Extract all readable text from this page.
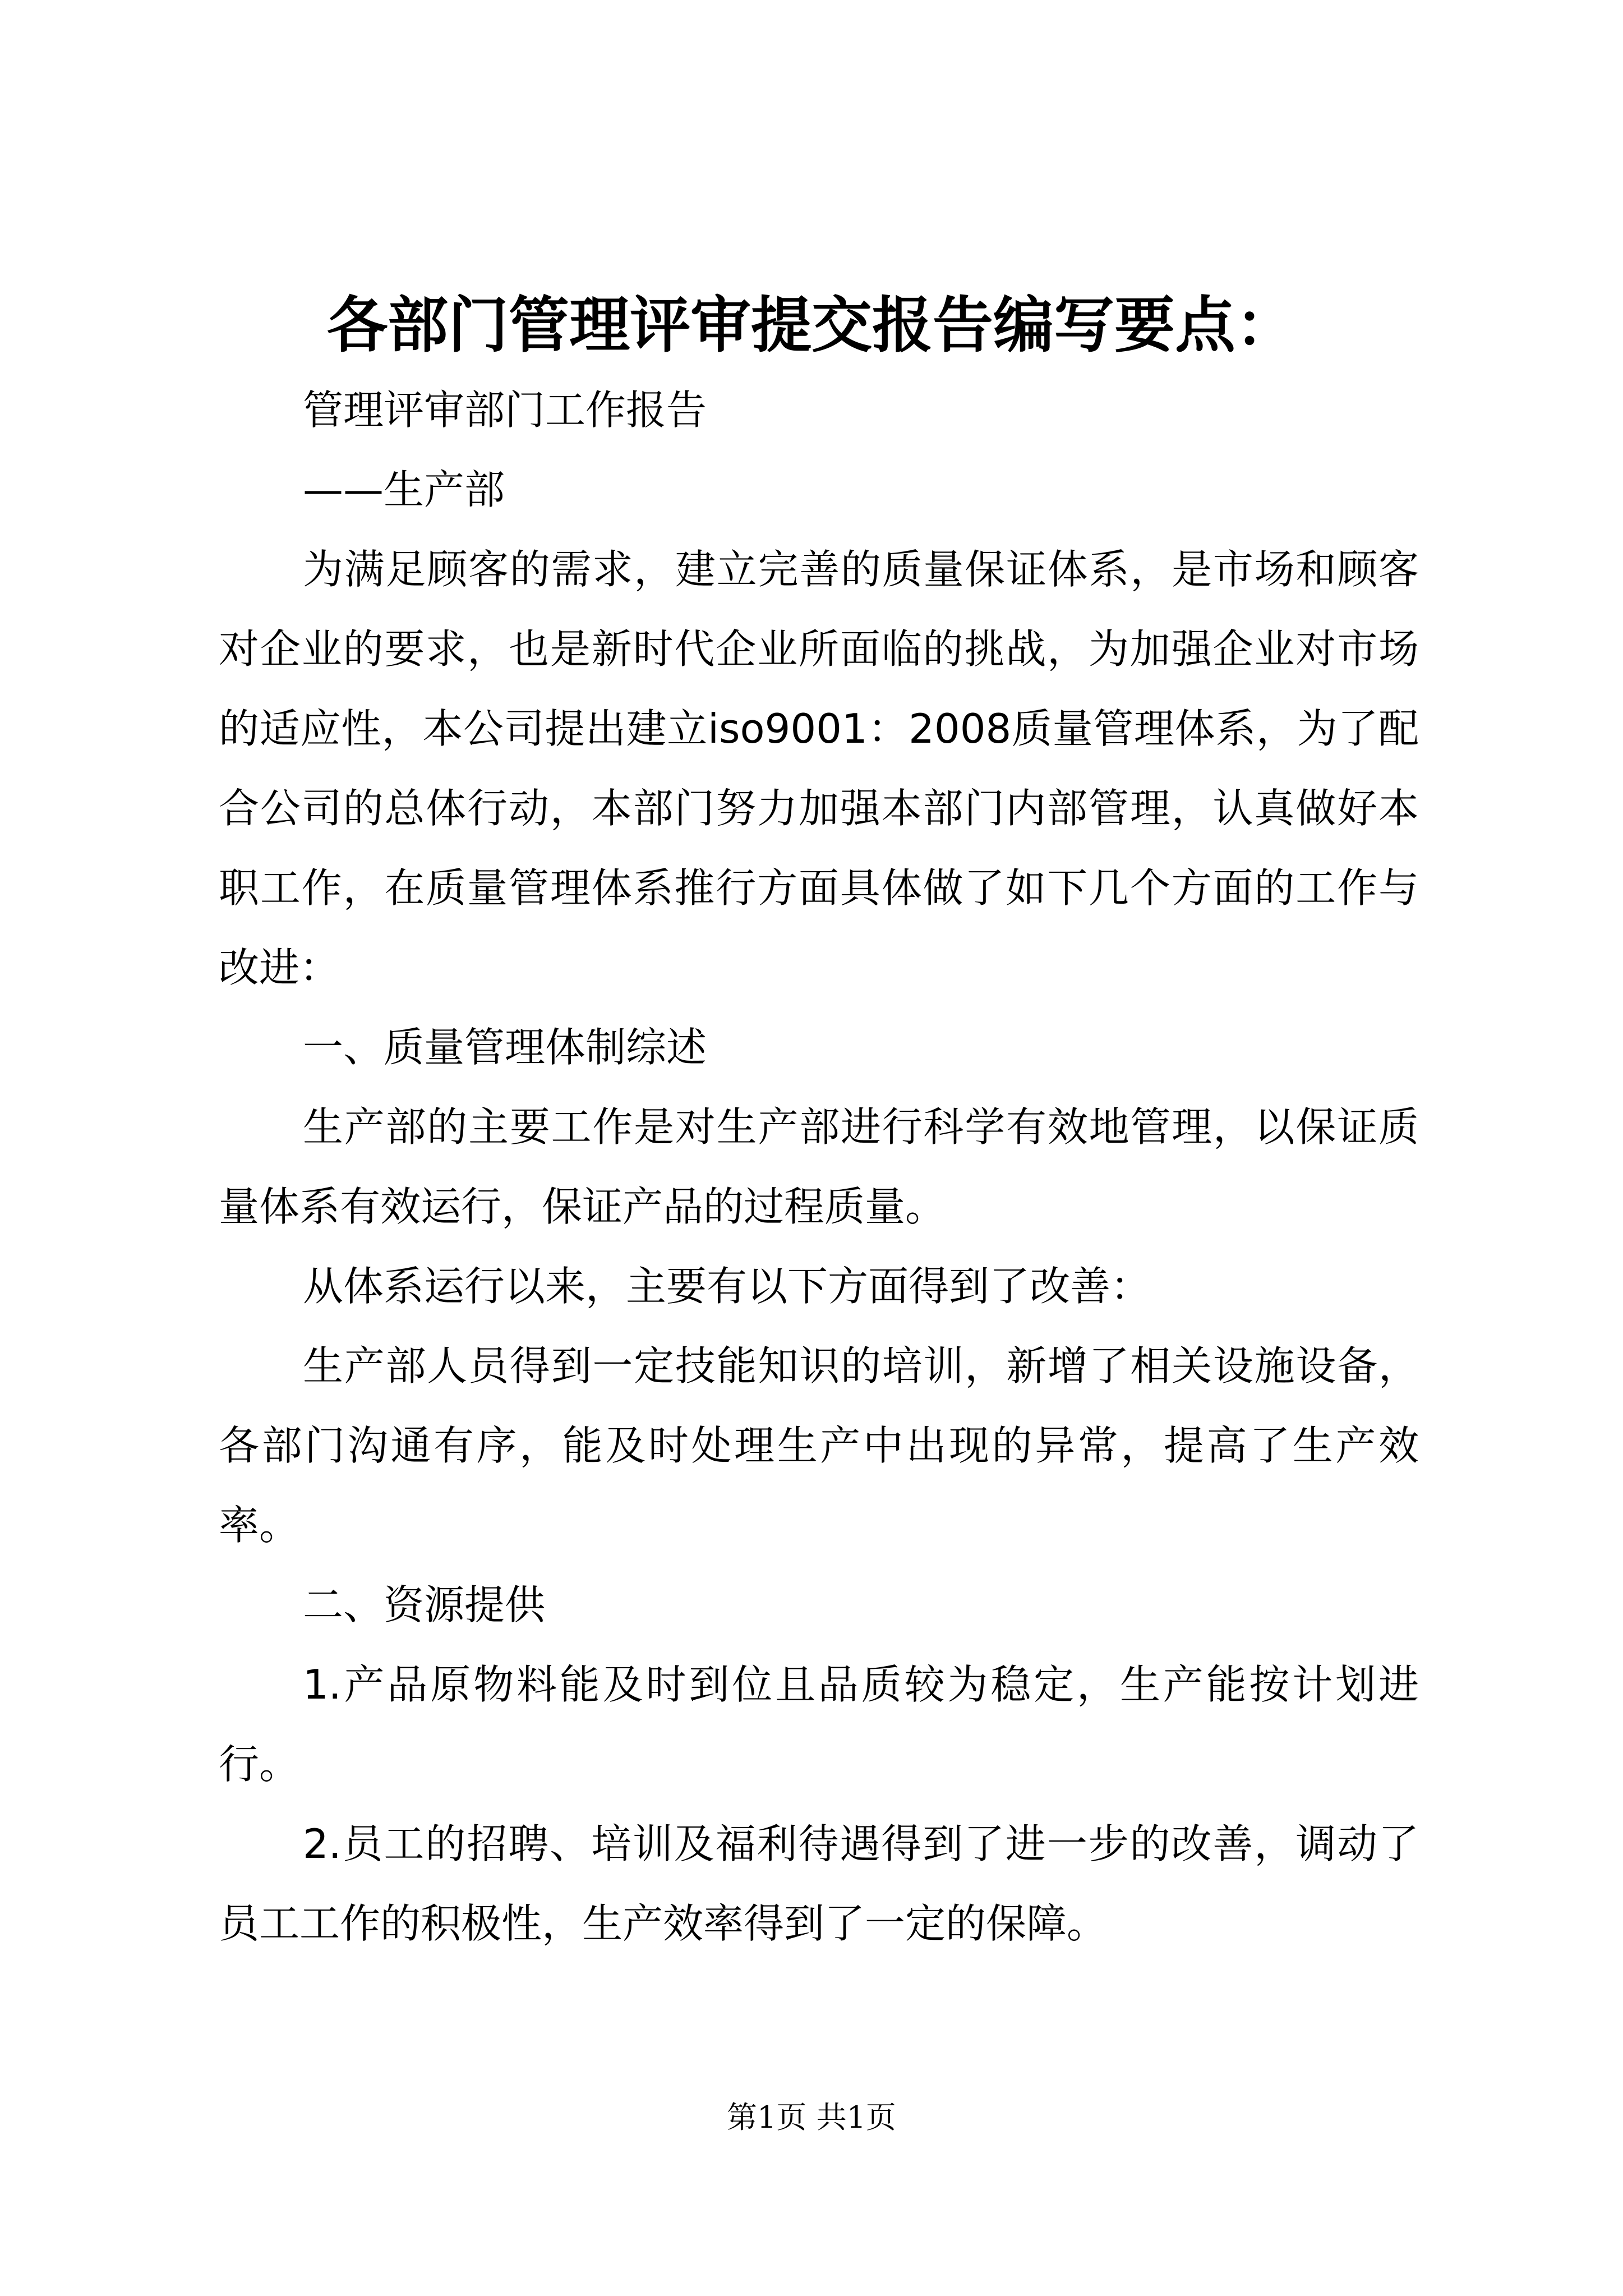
各部门管理评审提交报告编写要点：

管理评审部门工作报告

——生产部

为满足顾客的需求，建立完善的质量保证体系，是市场和顾客对企业的要求，也是新时代企业所面临的挑战，为加强企业对市场的适应性，本公司提出建立iso9001：2008质量管理体系，为了配合公司的总体行动，本部门努力加强本部门内部管理，认真做好本职工作，在质量管理体系推行方面具体做了如下几个方面的工作与改进：

一、质量管理体制综述

生产部的主要工作是对生产部进行科学有效地管理，以保证质量体系有效运行，保证产品的过程质量。

从体系运行以来，主要有以下方面得到了改善：

生产部人员得到一定技能知识的培训，新增了相关设施设备，各部门沟通有序，能及时处理生产中出现的异常，提高了生产效率。

二、资源提供

1.产品原物料能及时到位且品质较为稳定，生产能按计划进行。

2.员工的招聘、培训及福利待遇得到了进一步的改善，调动了员工工作的积极性，生产效率得到了一定的保障。

第1页 共1页
